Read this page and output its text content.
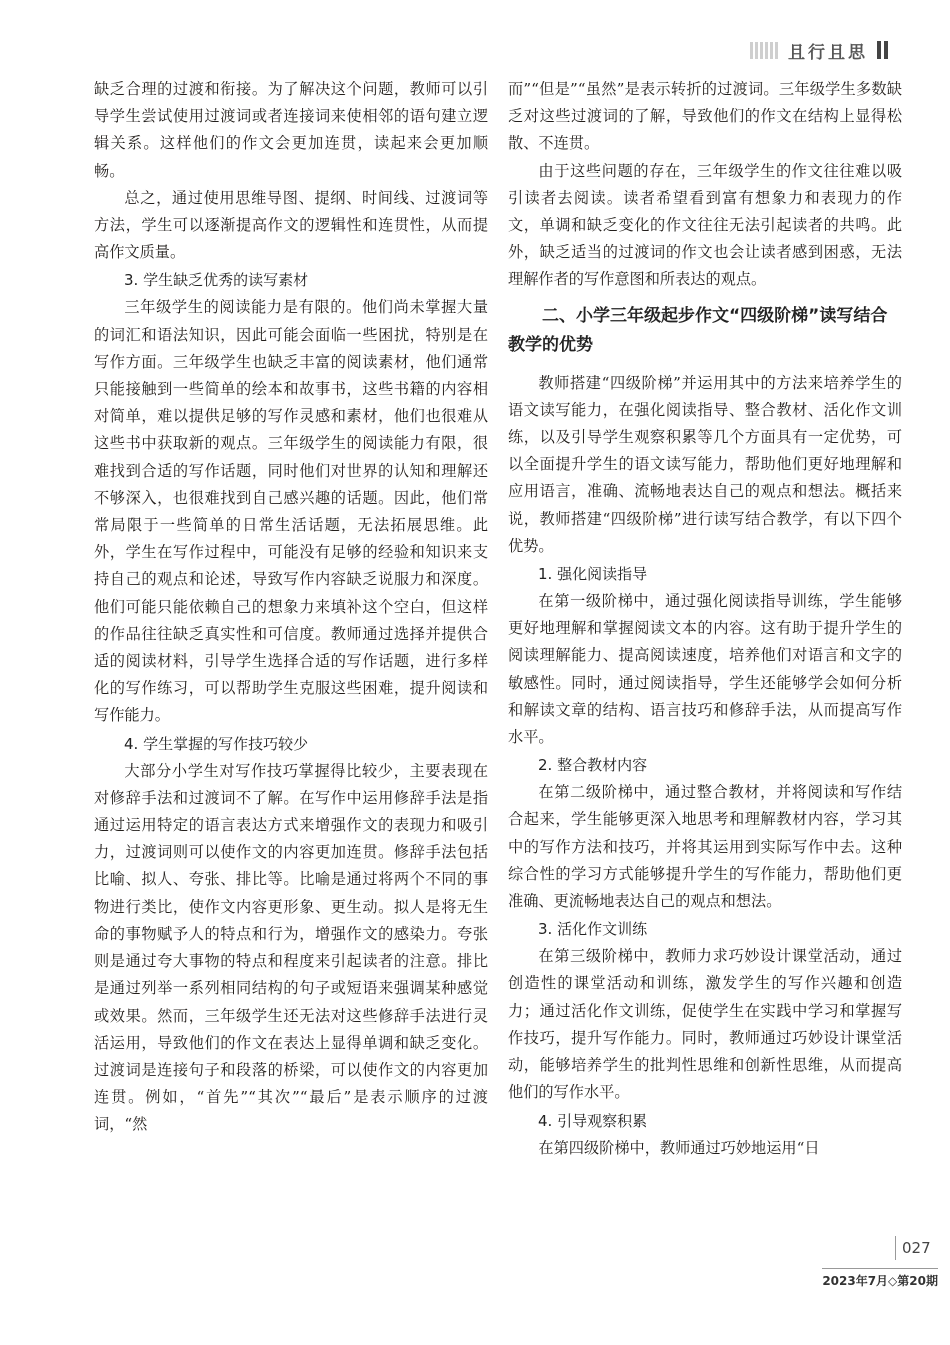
且行且思

缺乏合理的过渡和衔接。为了解决这个问题，教师可以引导学生尝试使用过渡词或者连接词来使相邻的语句建立逻辑关系。这样他们的作文会更加连贯，读起来会更加顺畅。

总之，通过使用思维导图、提纲、时间线、过渡词等方法，学生可以逐渐提高作文的逻辑性和连贯性，从而提高作文质量。

3. 学生缺乏优秀的读写素材

三年级学生的阅读能力是有限的。他们尚未掌握大量的词汇和语法知识，因此可能会面临一些困扰，特别是在写作方面。三年级学生也缺乏丰富的阅读素材，他们通常只能接触到一些简单的绘本和故事书，这些书籍的内容相对简单，难以提供足够的写作灵感和素材，他们也很难从这些书中获取新的观点。三年级学生的阅读能力有限，很难找到合适的写作话题，同时他们对世界的认知和理解还不够深入，也很难找到自己感兴趣的话题。因此，他们常常局限于一些简单的日常生活话题，无法拓展思维。此外，学生在写作过程中，可能没有足够的经验和知识来支持自己的观点和论述，导致写作内容缺乏说服力和深度。他们可能只能依赖自己的想象力来填补这个空白，但这样的作品往往缺乏真实性和可信度。教师通过选择并提供合适的阅读材料，引导学生选择合适的写作话题，进行多样化的写作练习，可以帮助学生克服这些困难，提升阅读和写作能力。

4. 学生掌握的写作技巧较少

大部分小学生对写作技巧掌握得比较少，主要表现在对修辞手法和过渡词不了解。在写作中运用修辞手法是指通过运用特定的语言表达方式来增强作文的表现力和吸引力，过渡词则可以使作文的内容更加连贯。修辞手法包括比喻、拟人、夸张、排比等。比喻是通过将两个不同的事物进行类比，使作文内容更形象、更生动。拟人是将无生命的事物赋予人的特点和行为，增强作文的感染力。夸张则是通过夸大事物的特点和程度来引起读者的注意。排比是通过列举一系列相同结构的句子或短语来强调某种感觉或效果。然而，三年级学生还无法对这些修辞手法进行灵活运用，导致他们的作文在表达上显得单调和缺乏变化。过渡词是连接句子和段落的桥梁，可以使作文的内容更加连贯。例如，“首先”“其次”“最后”是表示顺序的过渡词，“然

而”“但是”“虽然”是表示转折的过渡词。三年级学生多数缺乏对这些过渡词的了解，导致他们的作文在结构上显得松散、不连贯。

由于这些问题的存在，三年级学生的作文往往难以吸引读者去阅读。读者希望看到富有想象力和表现力的作文，单调和缺乏变化的作文往往无法引起读者的共鸣。此外，缺乏适当的过渡词的作文也会让读者感到困惑，无法理解作者的写作意图和所表达的观点。

二、小学三年级起步作文“四级阶梯”读写结合教学的优势

教师搭建“四级阶梯”并运用其中的方法来培养学生的语文读写能力，在强化阅读指导、整合教材、活化作文训练，以及引导学生观察积累等几个方面具有一定优势，可以全面提升学生的语文读写能力，帮助他们更好地理解和应用语言，准确、流畅地表达自己的观点和想法。概括来说，教师搭建“四级阶梯”进行读写结合教学，有以下四个优势。

1. 强化阅读指导

在第一级阶梯中，通过强化阅读指导训练，学生能够更好地理解和掌握阅读文本的内容。这有助于提升学生的阅读理解能力、提高阅读速度，培养他们对语言和文字的敏感性。同时，通过阅读指导，学生还能够学会如何分析和解读文章的结构、语言技巧和修辞手法，从而提高写作水平。

2. 整合教材内容

在第二级阶梯中，通过整合教材，并将阅读和写作结合起来，学生能够更深入地思考和理解教材内容，学习其中的写作方法和技巧，并将其运用到实际写作中去。这种综合性的学习方式能够提升学生的写作能力，帮助他们更准确、更流畅地表达自己的观点和想法。

3. 活化作文训练

在第三级阶梯中，教师力求巧妙设计课堂活动，通过创造性的课堂活动和训练，激发学生的写作兴趣和创造力；通过活化作文训练，促使学生在实践中学习和掌握写作技巧，提升写作能力。同时，教师通过巧妙设计课堂活动，能够培养学生的批判性思维和创新性思维，从而提高他们的写作水平。

4. 引导观察积累

在第四级阶梯中，教师通过巧妙地运用“日

027
2023年7月◇第20期
